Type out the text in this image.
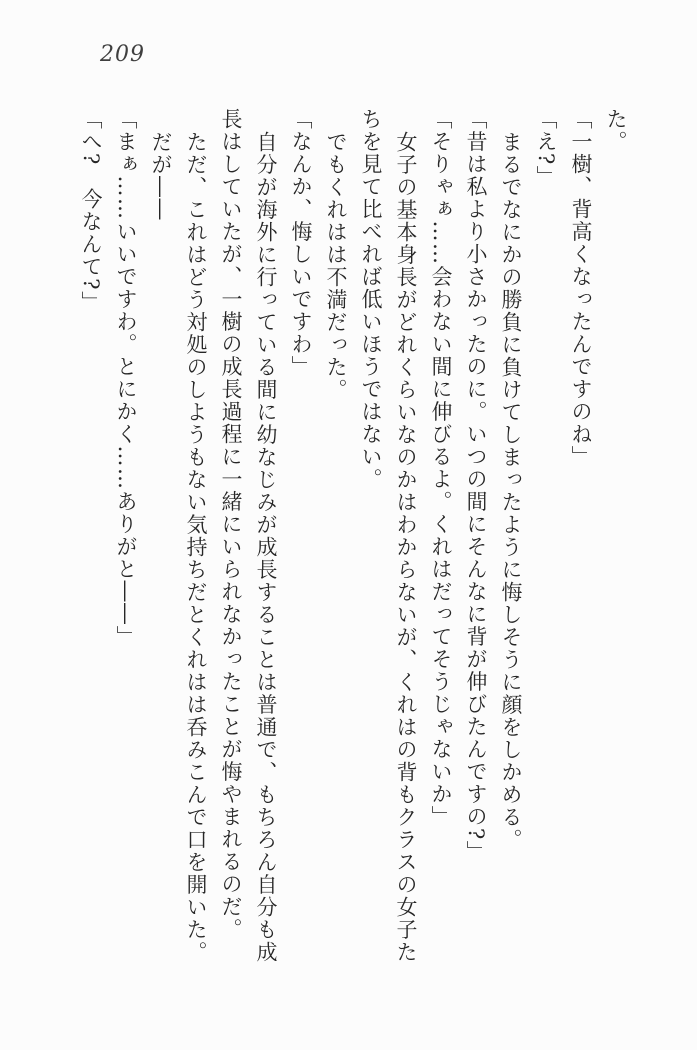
209

た。

「一樹、背高くなったんですのね」

「え?」

まるでなにかの勝負に負けてしまったように悔しそうに顔をしかめる。

「昔は私より小さかったのに。いつの間にそんなに背が伸びたんですの?」

「そりゃぁ……会わない間に伸びるよ。くれはだってそうじゃないか」

女子の基本身長がどれくらいなのかはわからないが、くれはの背もクラスの女子たちを見て比べれば低いほうではない。

でもくれはは不満だった。

「なんか、悔しいですわ」

自分が海外に行っている間に幼なじみが成長することは普通で、もちろん自分も成長はしていたが、一樹の成長過程に一緒にいられなかったことが悔やまれるのだ。

ただ、これはどう対処のしようもない気持ちだとくれはは呑みこんで口を開いた。

だが――

「まぁ……いいですわ。とにかく……ありがと――」

「へ?　今なんて?」
